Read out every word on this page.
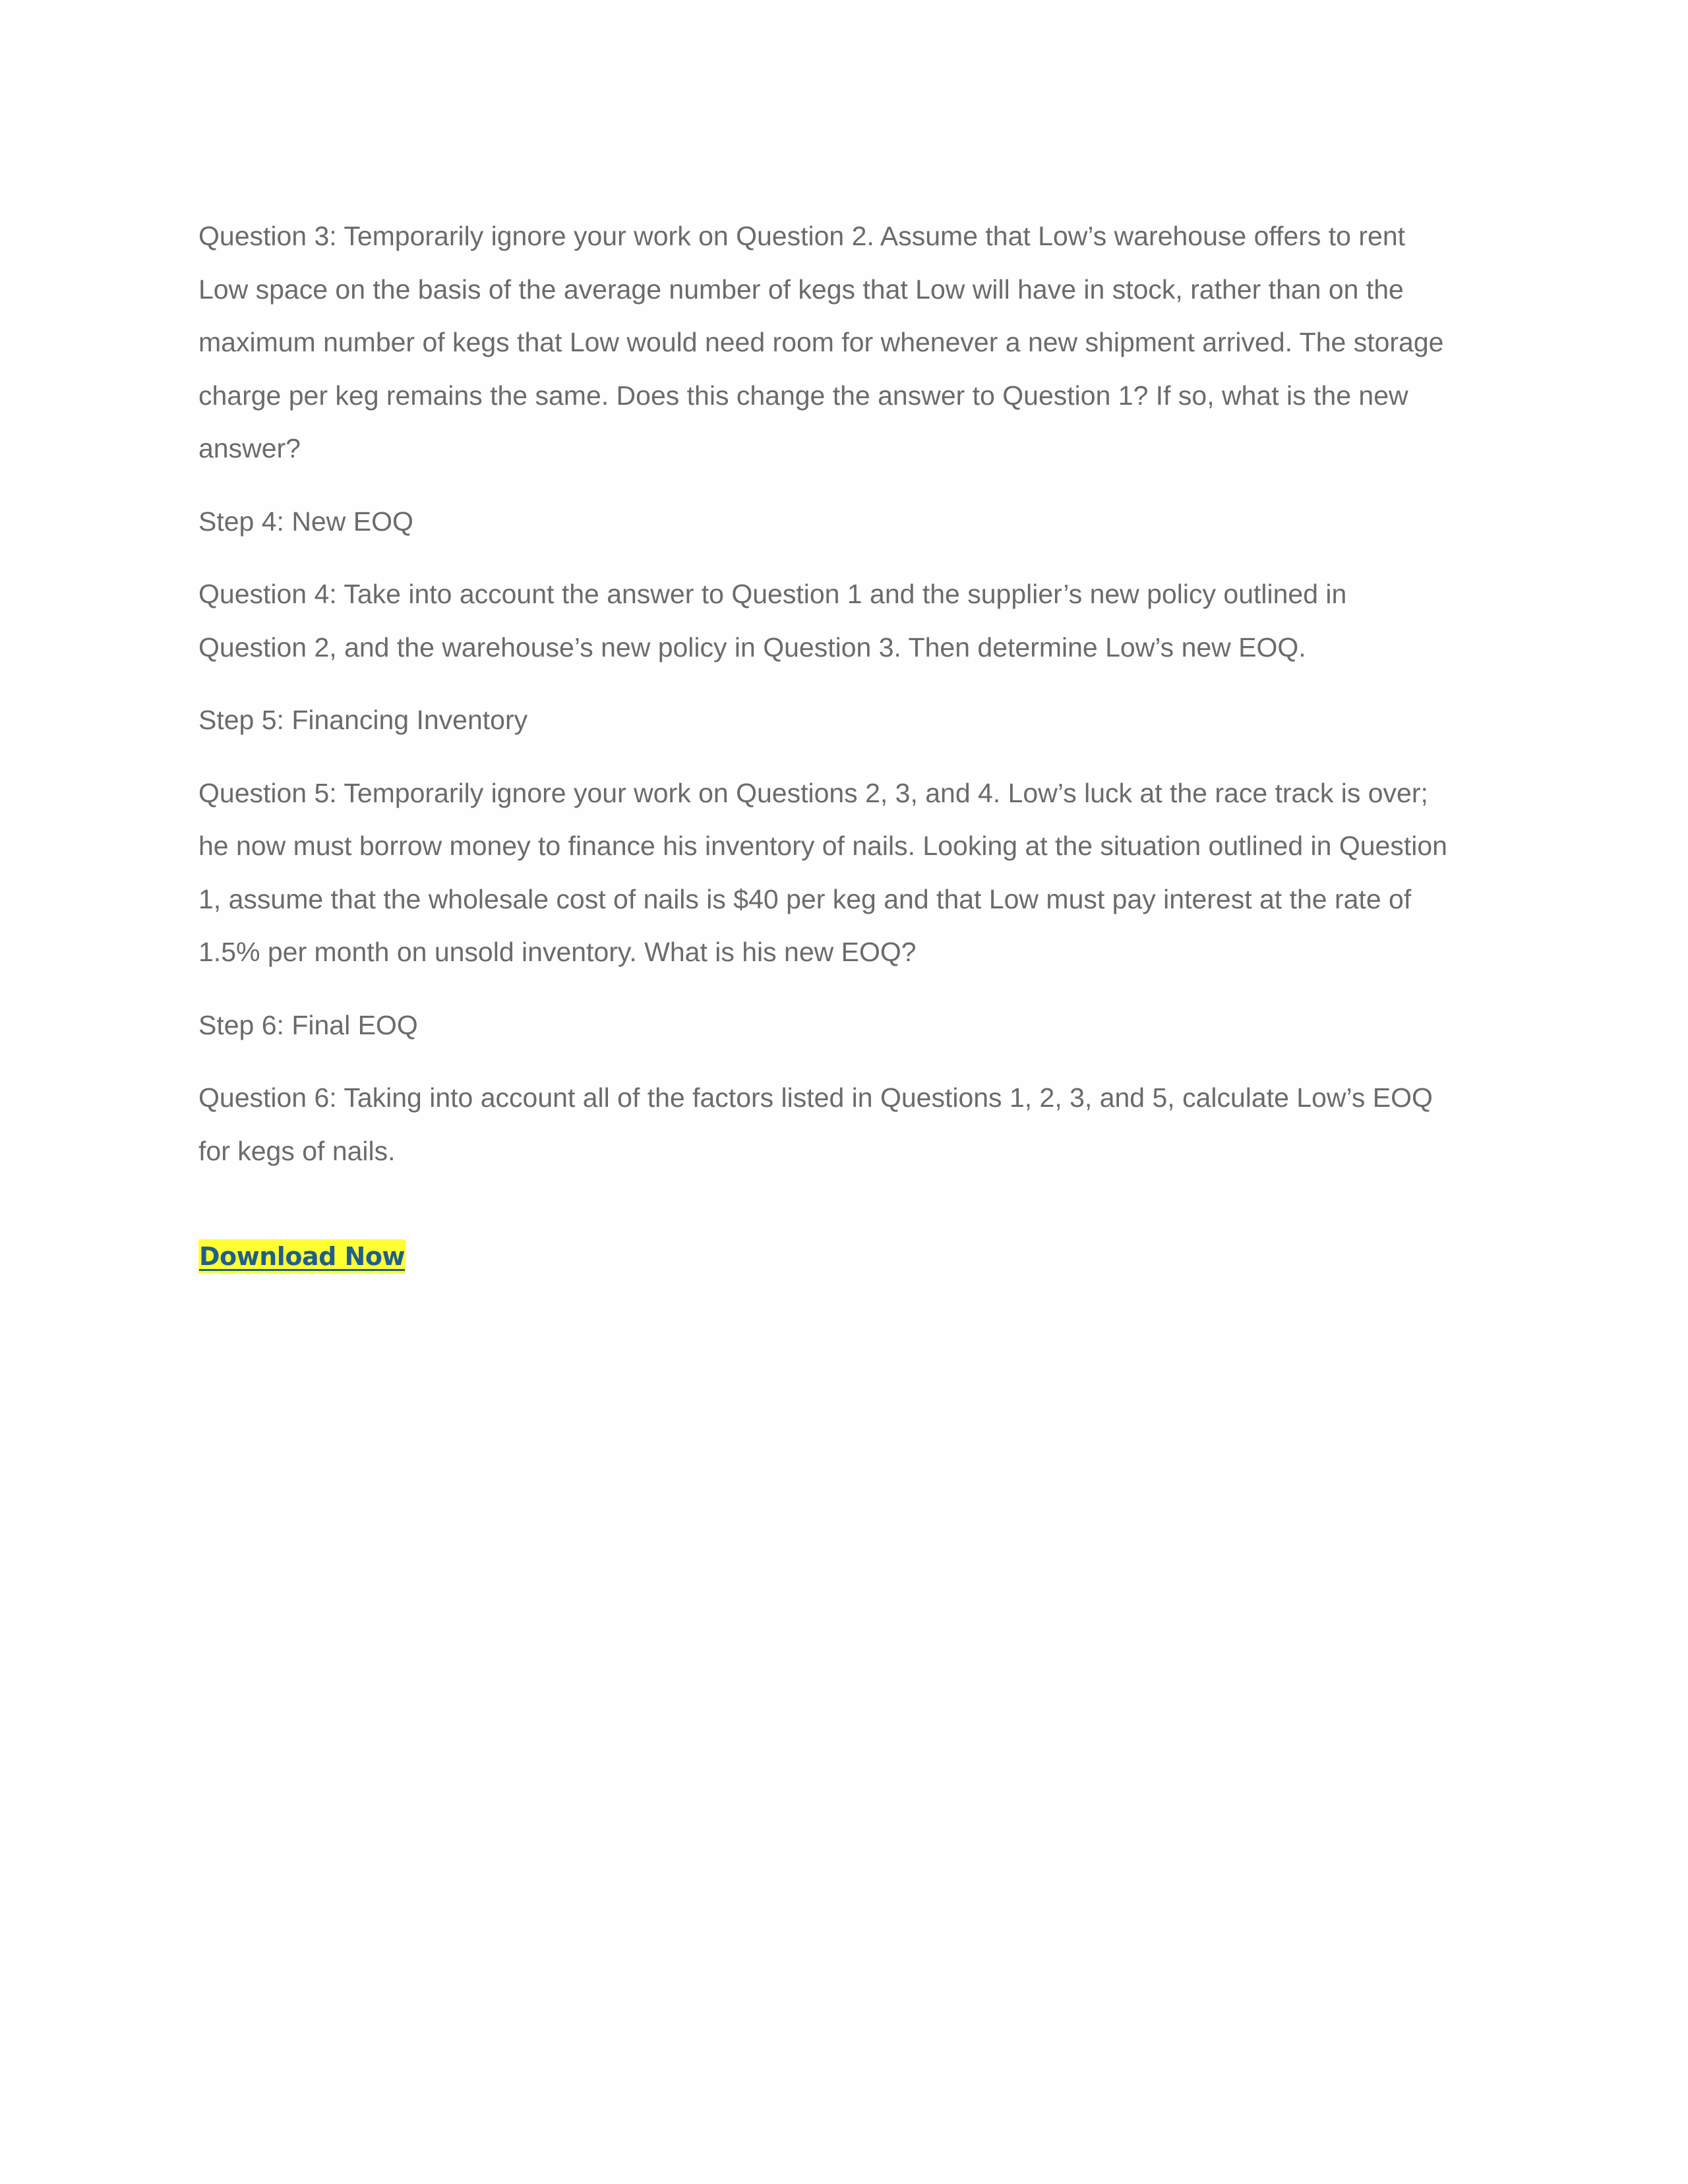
Question 3: Temporarily ignore your work on Question 2. Assume that Low’s warehouse offers to rent
Low space on the basis of the average number of kegs that Low will have in stock, rather than on the
maximum number of kegs that Low would need room for whenever a new shipment arrived. The storage
charge per keg remains the same. Does this change the answer to Question 1? If so, what is the new
answer?

Step 4: New EOQ

Question 4: Take into account the answer to Question 1 and the supplier’s new policy outlined in
Question 2, and the warehouse’s new policy in Question 3. Then determine Low’s new EOQ.

Step 5: Financing Inventory

Question 5: Temporarily ignore your work on Questions 2, 3, and 4. Low’s luck at the race track is over;
he now must borrow money to finance his inventory of nails. Looking at the situation outlined in Question
1, assume that the wholesale cost of nails is $40 per keg and that Low must pay interest at the rate of
1.5% per month on unsold inventory. What is his new EOQ?

Step 6: Final EOQ

Question 6: Taking into account all of the factors listed in Questions 1, 2, 3, and 5, calculate Low’s EOQ
for kegs of nails.

Download Now
